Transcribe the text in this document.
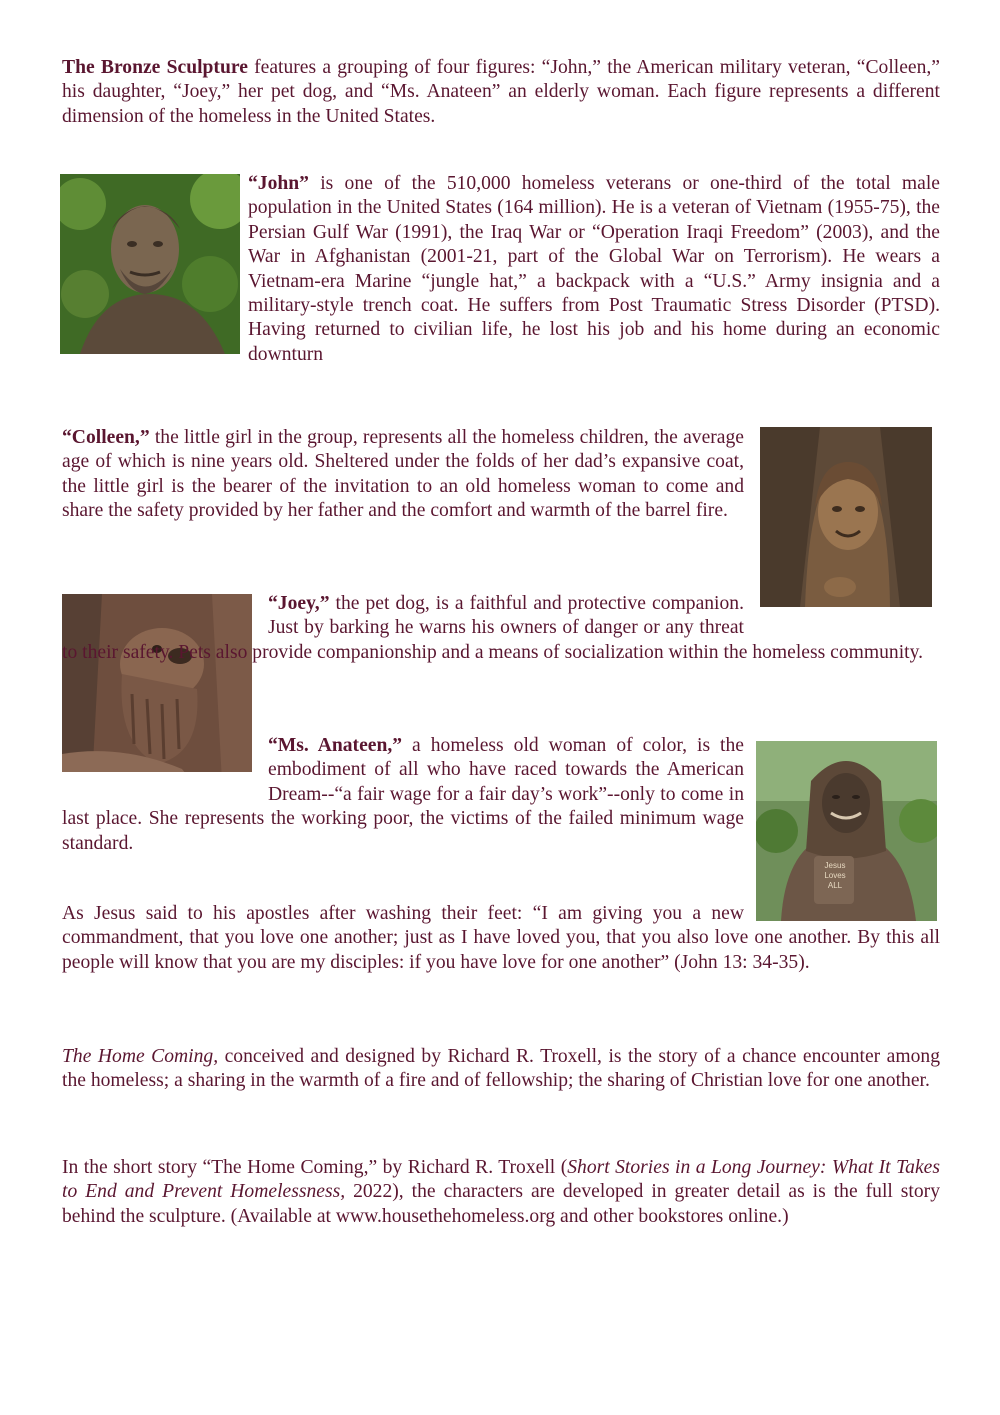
The Bronze Sculpture features a grouping of four figures: “John,” the American military veteran, “Colleen,” his daughter, “Joey,” her pet dog, and “Ms. Anateen” an elderly woman. Each figure represents a different dimension of the homeless in the United States.

“John” is one of the 510,000 homeless veterans or one-third of the total male population in the United States (164 million). He is a veteran of Vietnam (1955-75), the Persian Gulf War (1991), the Iraq War or “Operation Iraqi Freedom” (2003), and the War in Afghanistan (2001-21, part of the Global War on Terrorism). He wears a Vietnam-era Marine “jungle hat,” a backpack with a “U.S.” Army insignia and a military-style trench coat. He suffers from Post Traumatic Stress Disorder (PTSD). Having returned to civilian life, he lost his job and his home during an economic downturn

“Colleen,” the little girl in the group, represents all the homeless children, the average age of which is nine years old. Sheltered under the folds of her dad’s expansive coat, the little girl is the bearer of the invitation to an old homeless woman to come and share the safety provided by her father and the comfort and warmth of the barrel fire.

“Joey,” the pet dog, is a faithful and protective companion. Just by barking he warns his owners of danger or any threat to their safety. Pets also provide companionship and a means of socialization within the homeless community.
Jesus
Loves
ALL
“Ms. Anateen,” a homeless old woman of color, is the embodiment of all who have raced towards the American Dream--“a fair wage for a fair day’s work”--only to come in last place. She represents the working poor, the victims of the failed minimum wage standard.
As Jesus said to his apostles after washing their feet: “I am giving you a new commandment, that you love one another; just as I have loved you, that you also love one another. By this all people will know that you are my disciples: if you have love for one another” (John 13: 34-35).

The Home Coming, conceived and designed by Richard R. Troxell, is the story of a chance encounter among the homeless; a sharing in the warmth of a fire and of fellowship; the sharing of Christian love for one another.

In the short story “The Home Coming,” by Richard R. Troxell (Short Stories in a Long Journey: What It Takes to End and Prevent Homelessness, 2022), the characters are developed in greater detail as is the full story behind the sculpture. (Available at www.housethehomeless.org and other bookstores online.)
